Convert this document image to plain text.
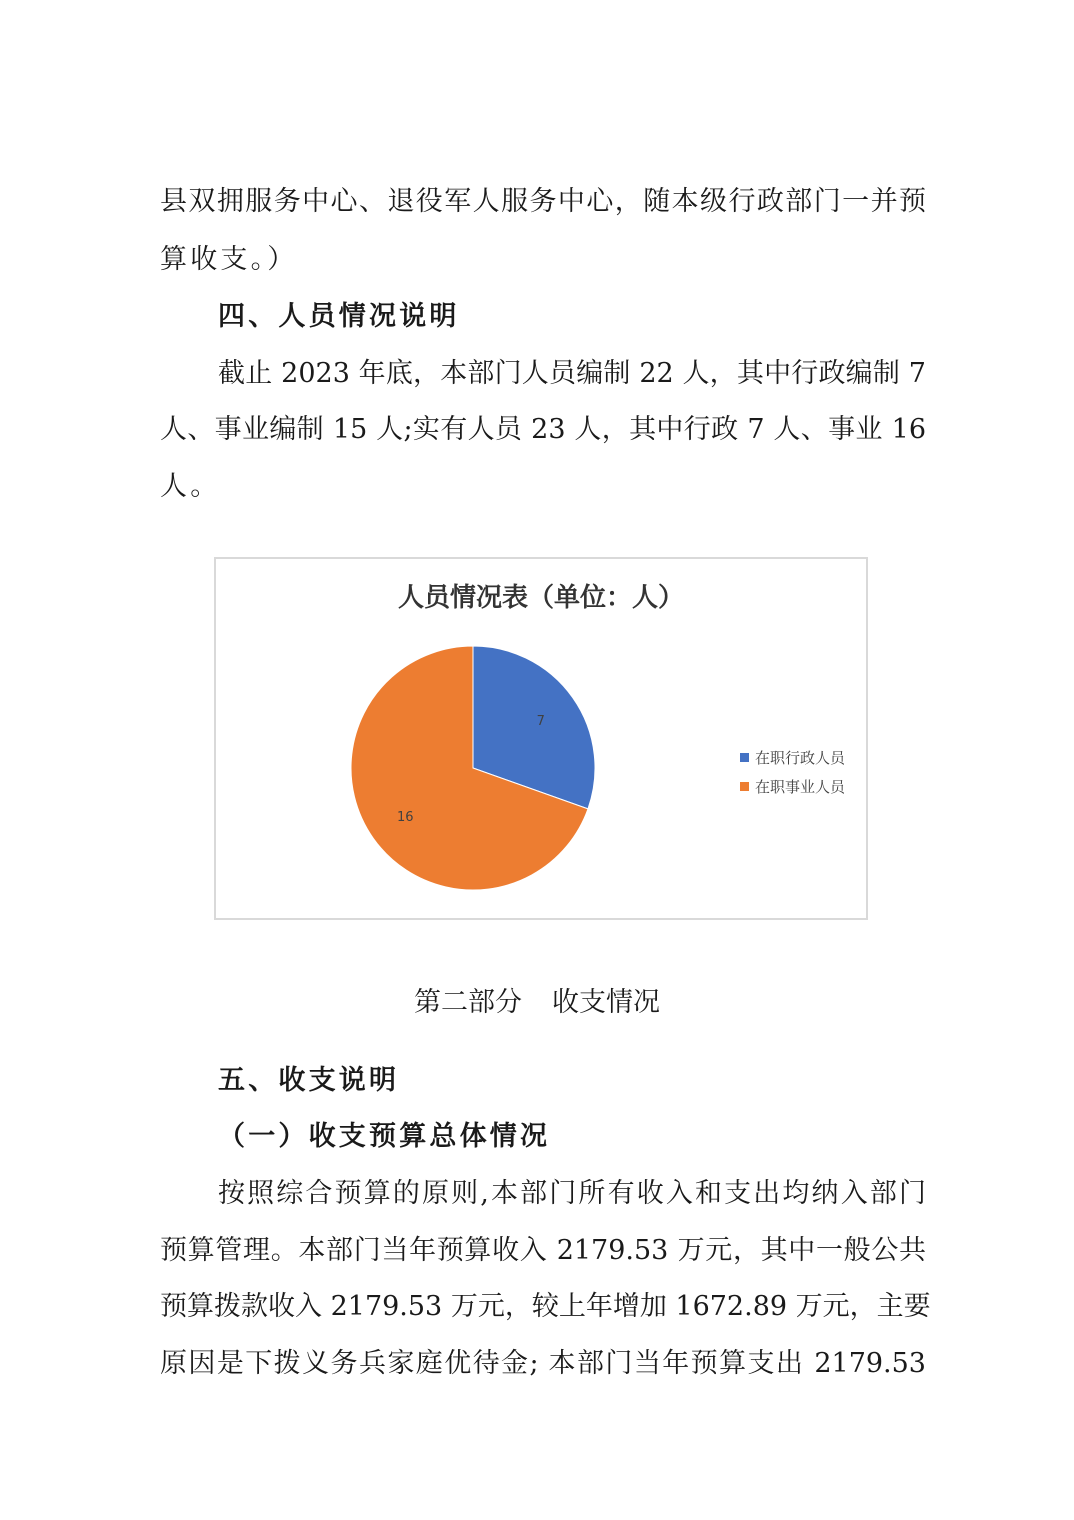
县双拥服务中心、退役军人服务中心，随本级行政部门一并预
算收支。）
四、人员情况说明
截止 2023 年底，本部门人员编制 22 人，其中行政编制 7
人、事业编制 15 人;实有人员 23 人，其中行政 7 人、事业 16
人。
人员情况表（单位：人）
7
16
在职行政人员
在职事业人员
第二部分 收支情况
五、收支说明
（一）收支预算总体情况
按照综合预算的原则,本部门所有收入和支出均纳入部门
预算管理。本部门当年预算收入 2179.53 万元，其中一般公共
预算拨款收入 2179.53 万元，较上年增加 1672.89 万元，主要
原因是下拨义务兵家庭优待金; 本部门当年预算支出 2179.53
